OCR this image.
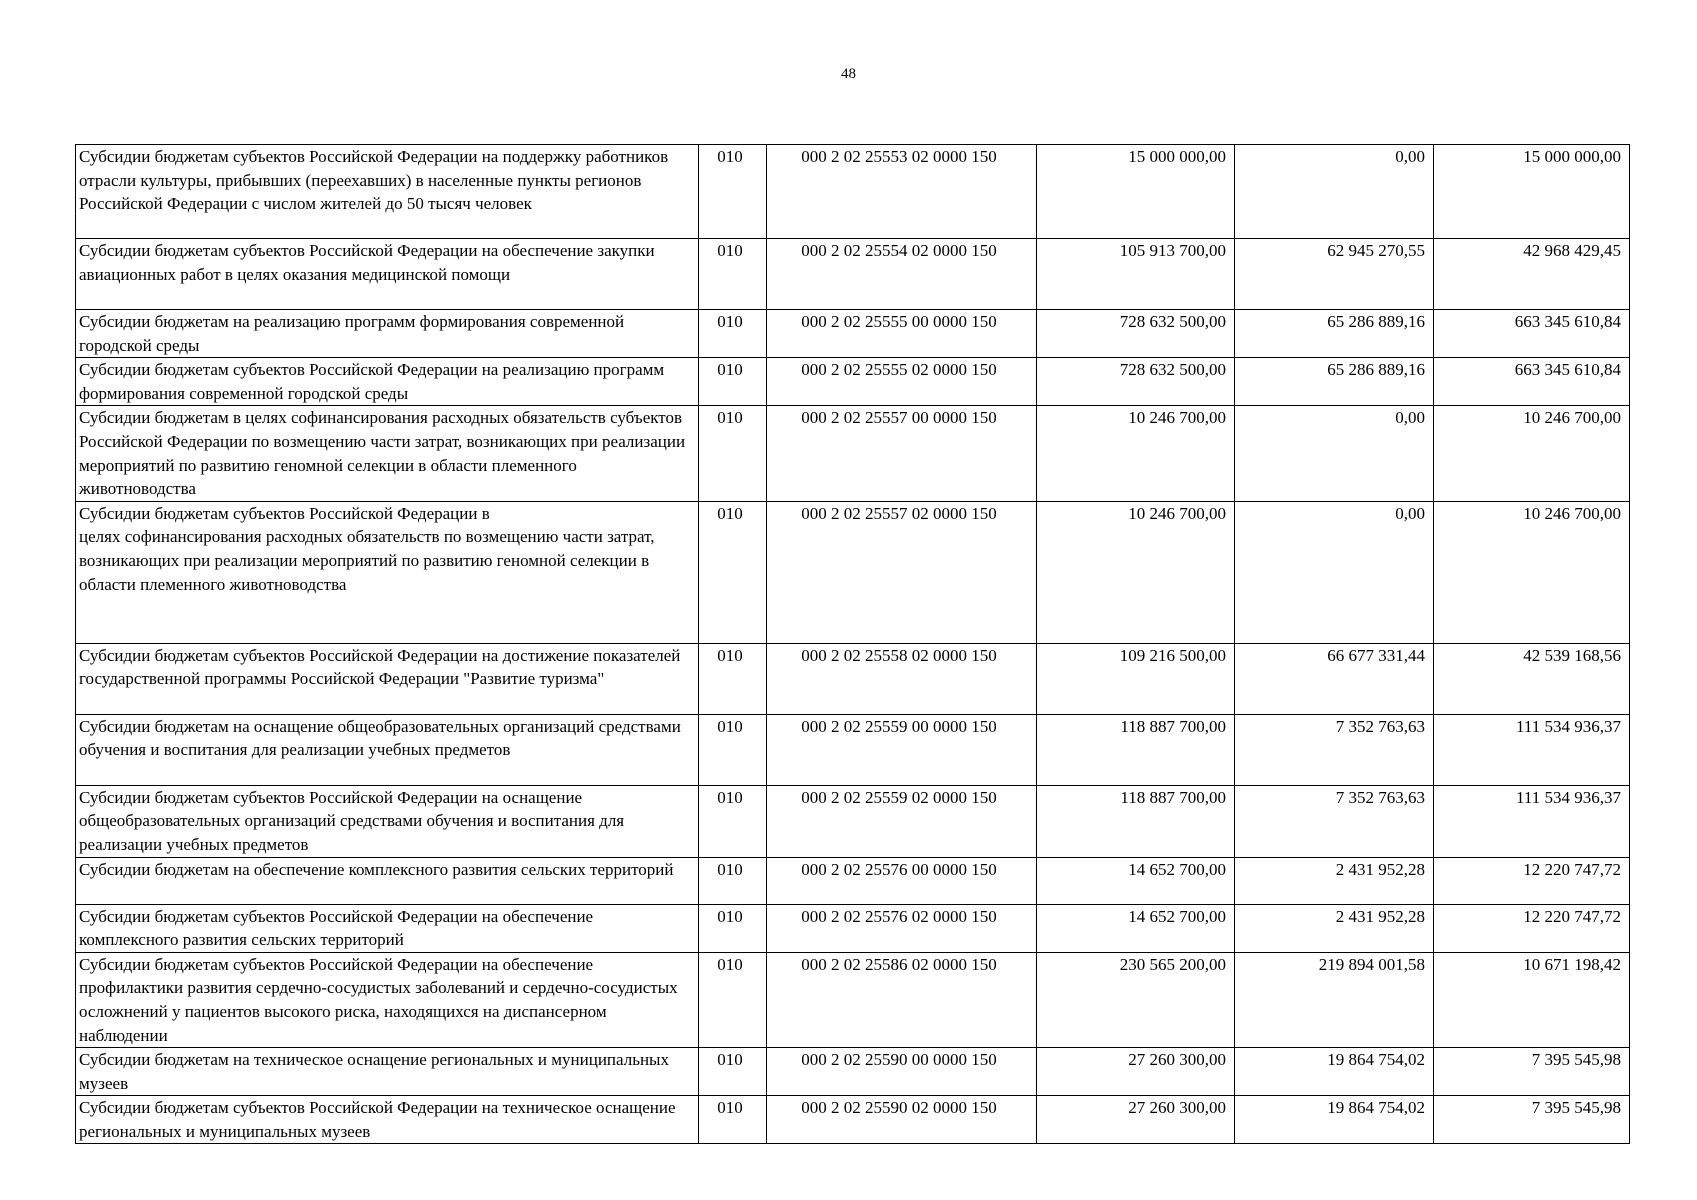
48
Субсидии бюджетам субъектов Российской Федерации на поддержку работников отрасли культуры, прибывших (переехавших) в населенные пункты регионов Российской Федерации с числом жителей до 50 тысяч человек	010	000 2 02 25553 02 0000 150	15 000 000,00	0,00	15 000 000,00

Субсидии бюджетам субъектов Российской Федерации на обеспечение закупки авиационных работ в целях оказания медицинской помощи	010	000 2 02 25554 02 0000 150	105 913 700,00	62 945 270,55	42 968 429,45

Субсидии бюджетам на реализацию программ формирования современной городской среды	010	000 2 02 25555 00 0000 150	728 632 500,00	65 286 889,16	663 345 610,84

Субсидии бюджетам субъектов Российской Федерации на реализацию программ формирования современной городской среды	010	000 2 02 25555 02 0000 150	728 632 500,00	65 286 889,16	663 345 610,84

Субсидии бюджетам в целях софинансирования расходных обязательств субъектов Российской Федерации по возмещению части затрат, возникающих при реализации мероприятий по развитию геномной селекции в области племенного животноводства	010	000 2 02 25557 00 0000 150	10 246 700,00	0,00	10 246 700,00

Субсидии бюджетам субъектов Российской Федерации в
целях софинансирования расходных обязательств по возмещению части затрат,
возникающих при реализации мероприятий по развитию геномной селекции в
области племенного животноводства	010	000 2 02 25557 02 0000 150	10 246 700,00	0,00	10 246 700,00

Субсидии бюджетам субъектов Российской Федерации на достижение показателей государственной программы Российской Федерации "Развитие туризма"	010	000 2 02 25558 02 0000 150	109 216 500,00	66 677 331,44	42 539 168,56

Субсидии бюджетам на оснащение общеобразовательных организаций средствами обучения и воспитания для реализации учебных предметов	010	000 2 02 25559 00 0000 150	118 887 700,00	7 352 763,63	111 534 936,37

Субсидии бюджетам субъектов Российской Федерации на оснащение общеобразовательных организаций средствами обучения и воспитания для реализации учебных предметов	010	000 2 02 25559 02 0000 150	118 887 700,00	7 352 763,63	111 534 936,37

Субсидии бюджетам на обеспечение комплексного развития сельских территорий	010	000 2 02 25576 00 0000 150	14 652 700,00	2 431 952,28	12 220 747,72

Субсидии бюджетам субъектов Российской Федерации на обеспечение комплексного развития сельских территорий	010	000 2 02 25576 02 0000 150	14 652 700,00	2 431 952,28	12 220 747,72

Субсидии бюджетам субъектов Российской Федерации на обеспечение профилактики развития сердечно-сосудистых заболеваний и сердечно-сосудистых осложнений у пациентов высокого риска, находящихся на диспансерном наблюдении	010	000 2 02 25586 02 0000 150	230 565 200,00	219 894 001,58	10 671 198,42

Субсидии бюджетам на техническое оснащение региональных и муниципальных музеев	010	000 2 02 25590 00 0000 150	27 260 300,00	19 864 754,02	7 395 545,98

Субсидии бюджетам субъектов Российской Федерации на техническое оснащение региональных и муниципальных музеев	010	000 2 02 25590 02 0000 150	27 260 300,00	19 864 754,02	7 395 545,98
